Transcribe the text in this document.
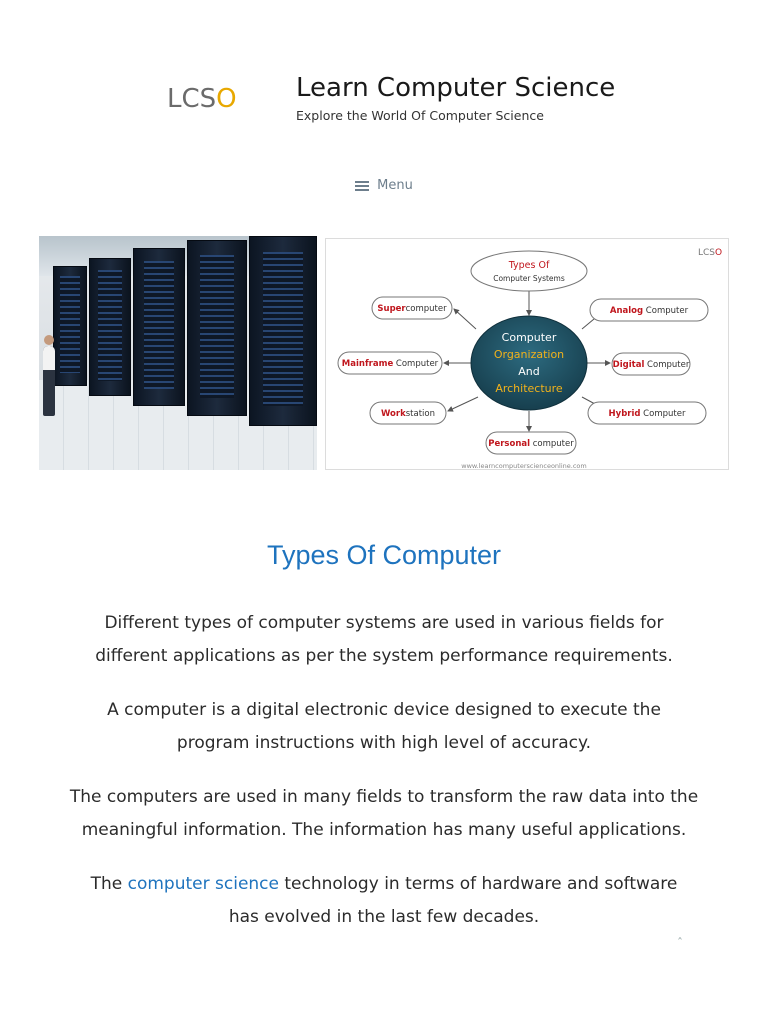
LCSO Learn Computer Science
Explore the World Of Computer Science
Menu
LCSO
Types Of
Computer Systems
Computer
Organization
And
Architecture
Supercomputer
Mainframe Computer
Workstation
Analog Computer
Digital Computer
Hybrid Computer
Personal computer
www.learncomputerscienceonline.com
Types Of Computer

Different types of computer systems are used in various fields for
different applications as per the system performance requirements.

A computer is a digital electronic device designed to execute the
program instructions with high level of accuracy.

The computers are used in many fields to transform the raw data into the
meaningful information. The information has many useful applications.

The computer science technology in terms of hardware and software
has evolved in the last few decades.

ˆ
